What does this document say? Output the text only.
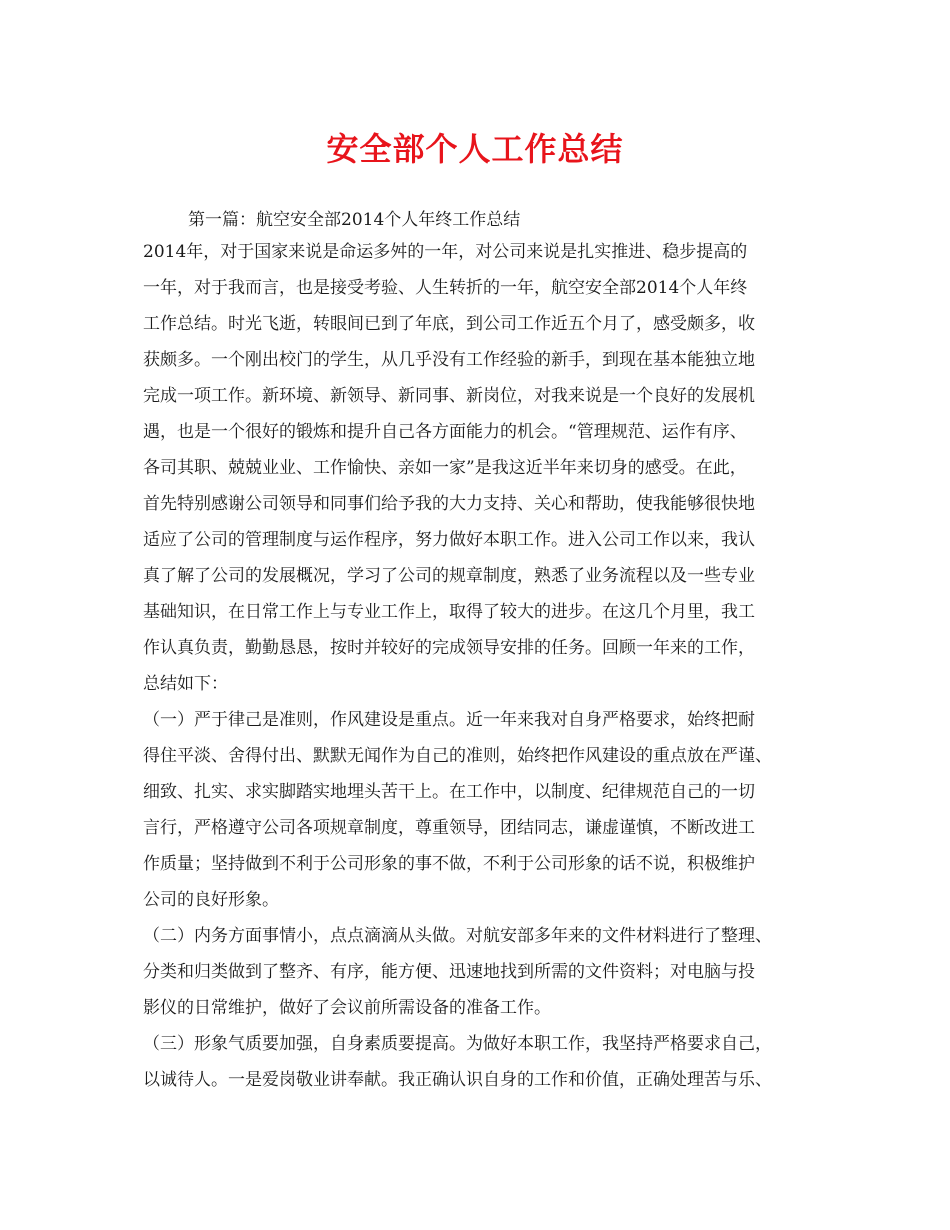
安全部个人工作总结
第一篇：航空安全部2014个人年终工作总结
2014年，对于国家来说是命运多舛的一年，对公司来说是扎实推进、稳步提高的
一年，对于我而言，也是接受考验、人生转折的一年，航空安全部2014个人年终
工作总结。时光飞逝，转眼间已到了年底，到公司工作近五个月了，感受颇多，收
获颇多。一个刚出校门的学生，从几乎没有工作经验的新手，到现在基本能独立地
完成一项工作。新环境、新领导、新同事、新岗位，对我来说是一个良好的发展机
遇，也是一个很好的锻炼和提升自己各方面能力的机会。“管理规范、运作有序、
各司其职、兢兢业业、工作愉快、亲如一家”是我这近半年来切身的感受。在此，
首先特别感谢公司领导和同事们给予我的大力支持、关心和帮助，使我能够很快地
适应了公司的管理制度与运作程序，努力做好本职工作。进入公司工作以来，我认
真了解了公司的发展概况，学习了公司的规章制度，熟悉了业务流程以及一些专业
基础知识，在日常工作上与专业工作上，取得了较大的进步。在这几个月里，我工
作认真负责，勤勤恳恳，按时并较好的完成领导安排的任务。回顾一年来的工作，
总结如下：
（一）严于律己是准则，作风建设是重点。近一年来我对自身严格要求，始终把耐
得住平淡、舍得付出、默默无闻作为自己的准则，始终把作风建设的重点放在严谨、
细致、扎实、求实脚踏实地埋头苦干上。在工作中，以制度、纪律规范自己的一切
言行，严格遵守公司各项规章制度，尊重领导，团结同志，谦虚谨慎，不断改进工
作质量；坚持做到不利于公司形象的事不做，不利于公司形象的话不说，积极维护
公司的良好形象。
（二）内务方面事情小，点点滴滴从头做。对航安部多年来的文件材料进行了整理、
分类和归类做到了整齐、有序，能方便、迅速地找到所需的文件资料；对电脑与投
影仪的日常维护，做好了会议前所需设备的准备工作。
（三）形象气质要加强，自身素质要提高。为做好本职工作，我坚持严格要求自己，
以诚待人。一是爱岗敬业讲奉献。我正确认识自身的工作和价值，正确处理苦与乐、
